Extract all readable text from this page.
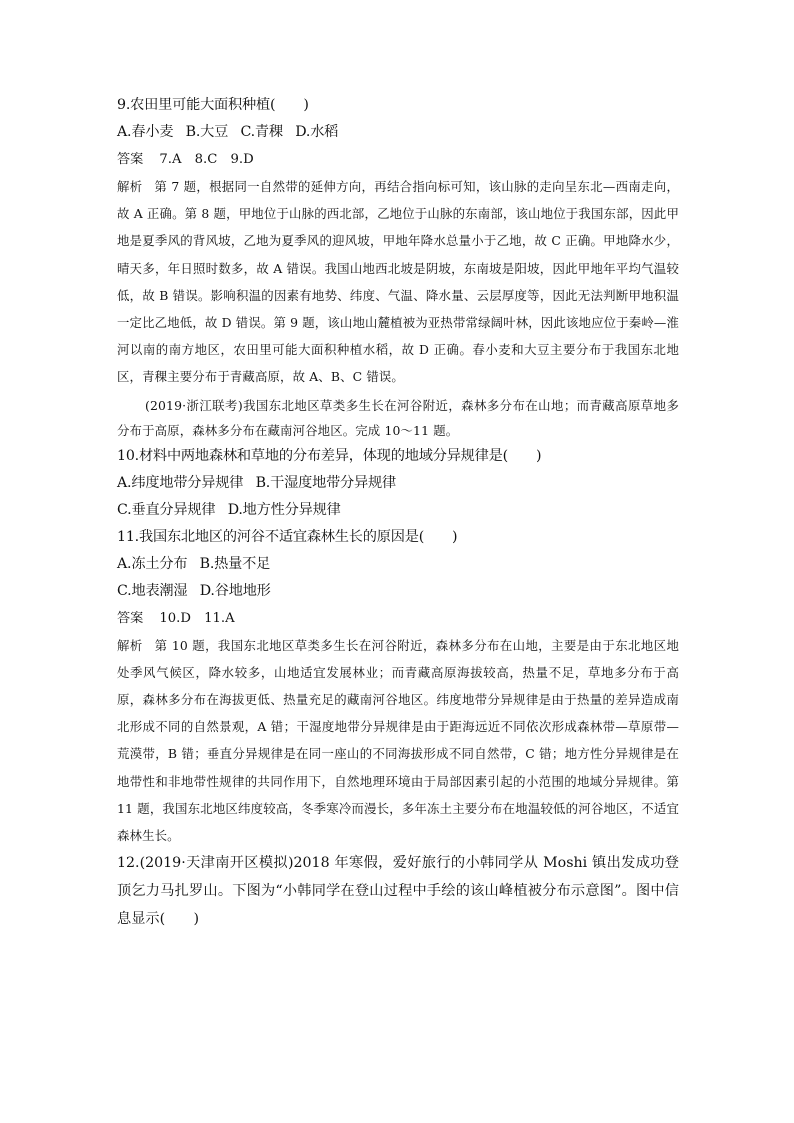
9.农田里可能大面积种植(　　)
A.春小麦 B.大豆 C.青稞 D.水稻
答案 7.A　8.C　9.D
解析 第 7 题，根据同一自然带的延伸方向，再结合指向标可知，该山脉的走向呈东北—西南走向，故 A 正确。第 8 题，甲地位于山脉的西北部，乙地位于山脉的东南部，该山地位于我国东部，因此甲地是夏季风的背风坡，乙地为夏季风的迎风坡，甲地年降水总量小于乙地，故 C 正确。甲地降水少，晴天多，年日照时数多，故 A 错误。我国山地西北坡是阴坡，东南坡是阳坡，因此甲地年平均气温较低，故 B 错误。影响积温的因素有地势、纬度、气温、降水量、云层厚度等，因此无法判断甲地积温一定比乙地低，故 D 错误。第 9 题，该山地山麓植被为亚热带常绿阔叶林，因此该地应位于秦岭—淮河以南的南方地区，农田里可能大面积种植水稻，故 D 正确。春小麦和大豆主要分布于我国东北地区，青稞主要分布于青藏高原，故 A、B、C 错误。
(2019·浙江联考)我国东北地区草类多生长在河谷附近，森林多分布在山地；而青藏高原草地多分布于高原，森林多分布在藏南河谷地区。完成 10～11 题。
10.材料中两地森林和草地的分布差异，体现的地域分异规律是(　　)
A.纬度地带分异规律 B.干湿度地带分异规律
C.垂直分异规律 D.地方性分异规律
11.我国东北地区的河谷不适宜森林生长的原因是(　　)
A.冻土分布 B.热量不足
C.地表潮湿 D.谷地地形
答案 10.D　11.A
解析 第 10 题，我国东北地区草类多生长在河谷附近，森林多分布在山地，主要是由于东北地区地处季风气候区，降水较多，山地适宜发展林业；而青藏高原海拔较高，热量不足，草地多分布于高原，森林多分布在海拔更低、热量充足的藏南河谷地区。纬度地带分异规律是由于热量的差异造成南北形成不同的自然景观，A 错；干湿度地带分异规律是由于距海远近不同依次形成森林带—草原带—荒漠带，B 错；垂直分异规律是在同一座山的不同海拔形成不同自然带，C 错；地方性分异规律是在地带性和非地带性规律的共同作用下，自然地理环境由于局部因素引起的小范围的地域分异规律。第 11 题，我国东北地区纬度较高，冬季寒冷而漫长，多年冻土主要分布在地温较低的河谷地区，不适宜森林生长。
12.(2019·天津南开区模拟)2018 年寒假，爱好旅行的小韩同学从 Moshi 镇出发成功登顶乞力马扎罗山。下图为“小韩同学在登山过程中手绘的该山峰植被分布示意图”。图中信息显示(　　)
